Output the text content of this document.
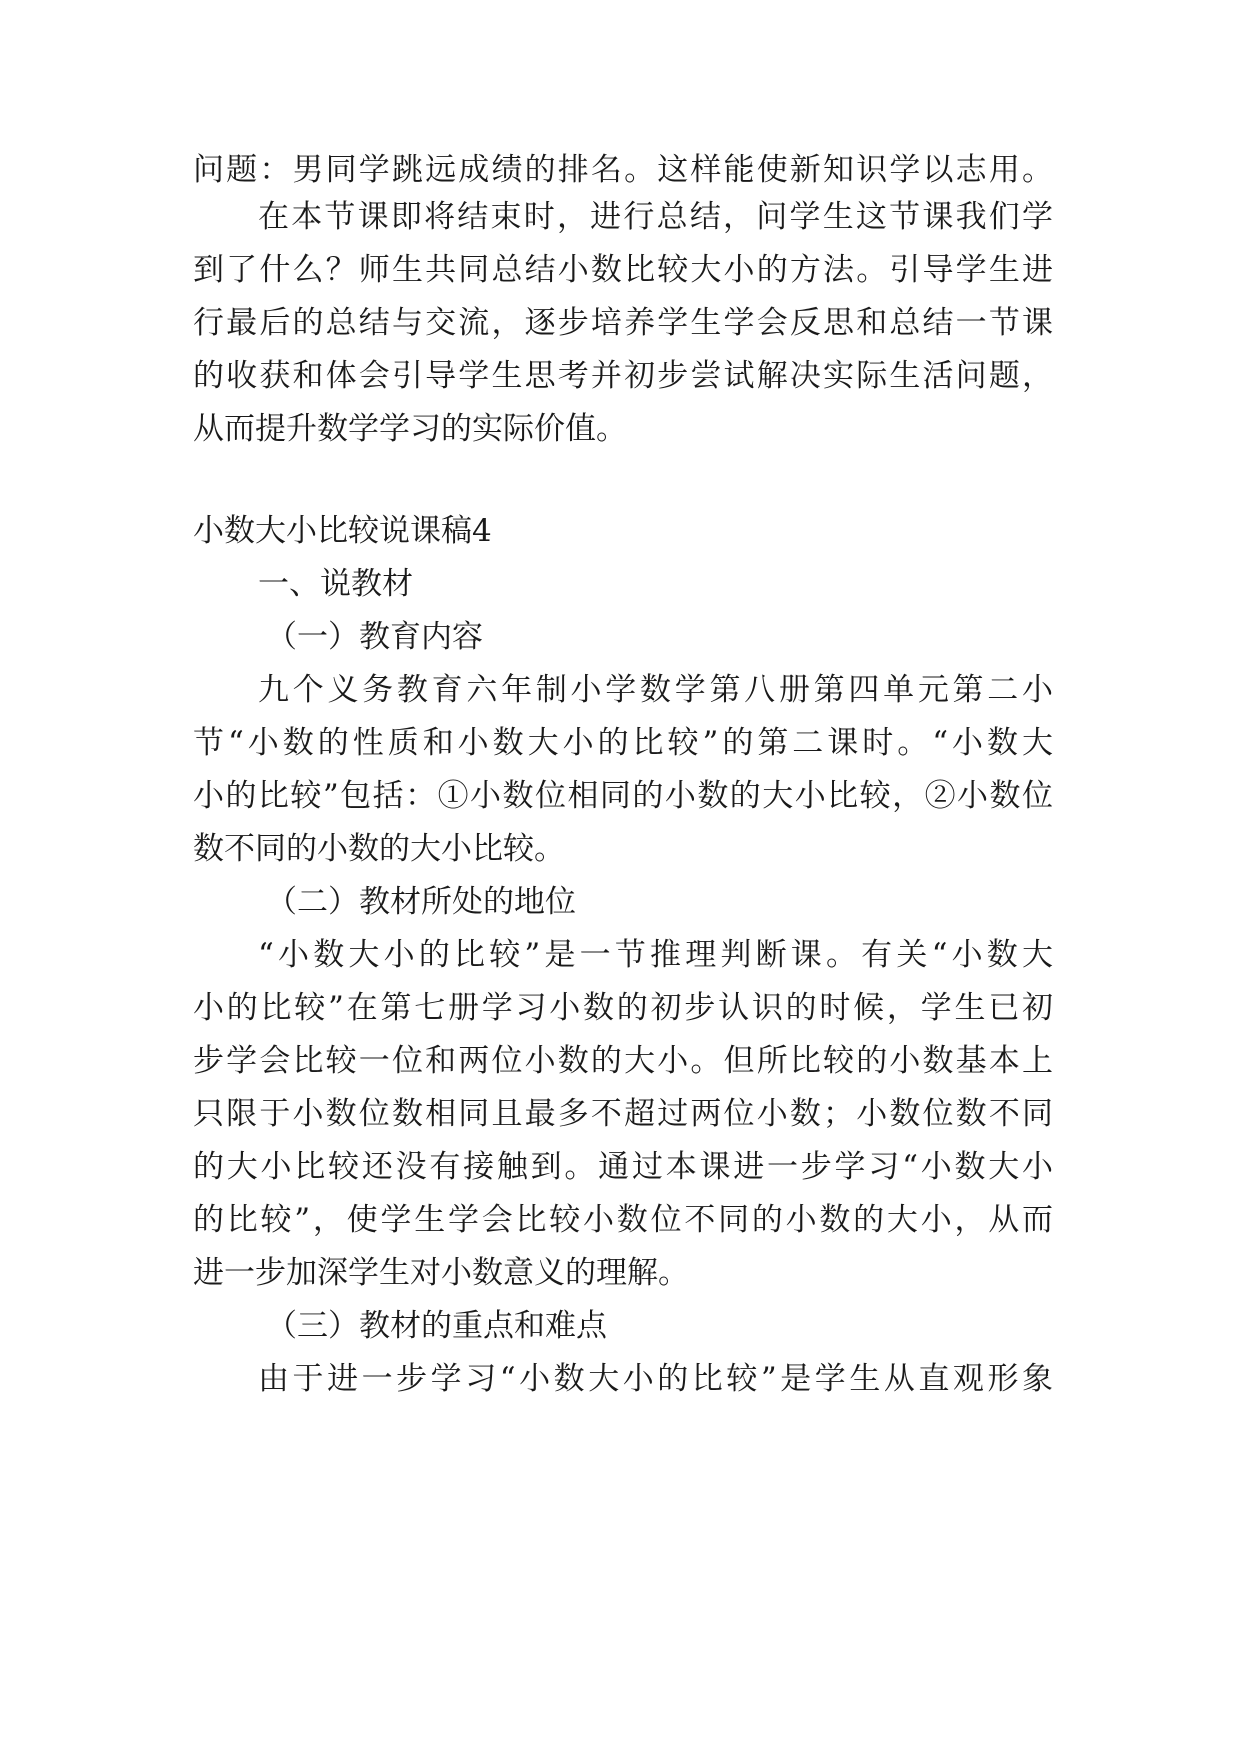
问题：男同学跳远成绩的排名。这样能使新知识学以志用。
在本节课即将结束时，进行总结，问学生这节课我们学
到了什么？师生共同总结小数比较大小的方法。引导学生进
行最后的总结与交流，逐步培养学生学会反思和总结一节课
的收获和体会引导学生思考并初步尝试解决实际生活问题，
从而提升数学学习的实际价值。
小数大小比较说课稿4
一、说教材
（一）教育内容
九个义务教育六年制小学数学第八册第四单元第二小
节“小数的性质和小数大小的比较”的第二课时。“小数大
小的比较”包括：①小数位相同的小数的大小比较，②小数位
数不同的小数的大小比较。
（二）教材所处的地位
“小数大小的比较”是一节推理判断课。有关“小数大
小的比较”在第七册学习小数的初步认识的时候，学生已初
步学会比较一位和两位小数的大小。但所比较的小数基本上
只限于小数位数相同且最多不超过两位小数；小数位数不同
的大小比较还没有接触到。通过本课进一步学习“小数大小
的比较”，使学生学会比较小数位不同的小数的大小，从而
进一步加深学生对小数意义的理解。
（三）教材的重点和难点
由于进一步学习“小数大小的比较”是学生从直观形象
